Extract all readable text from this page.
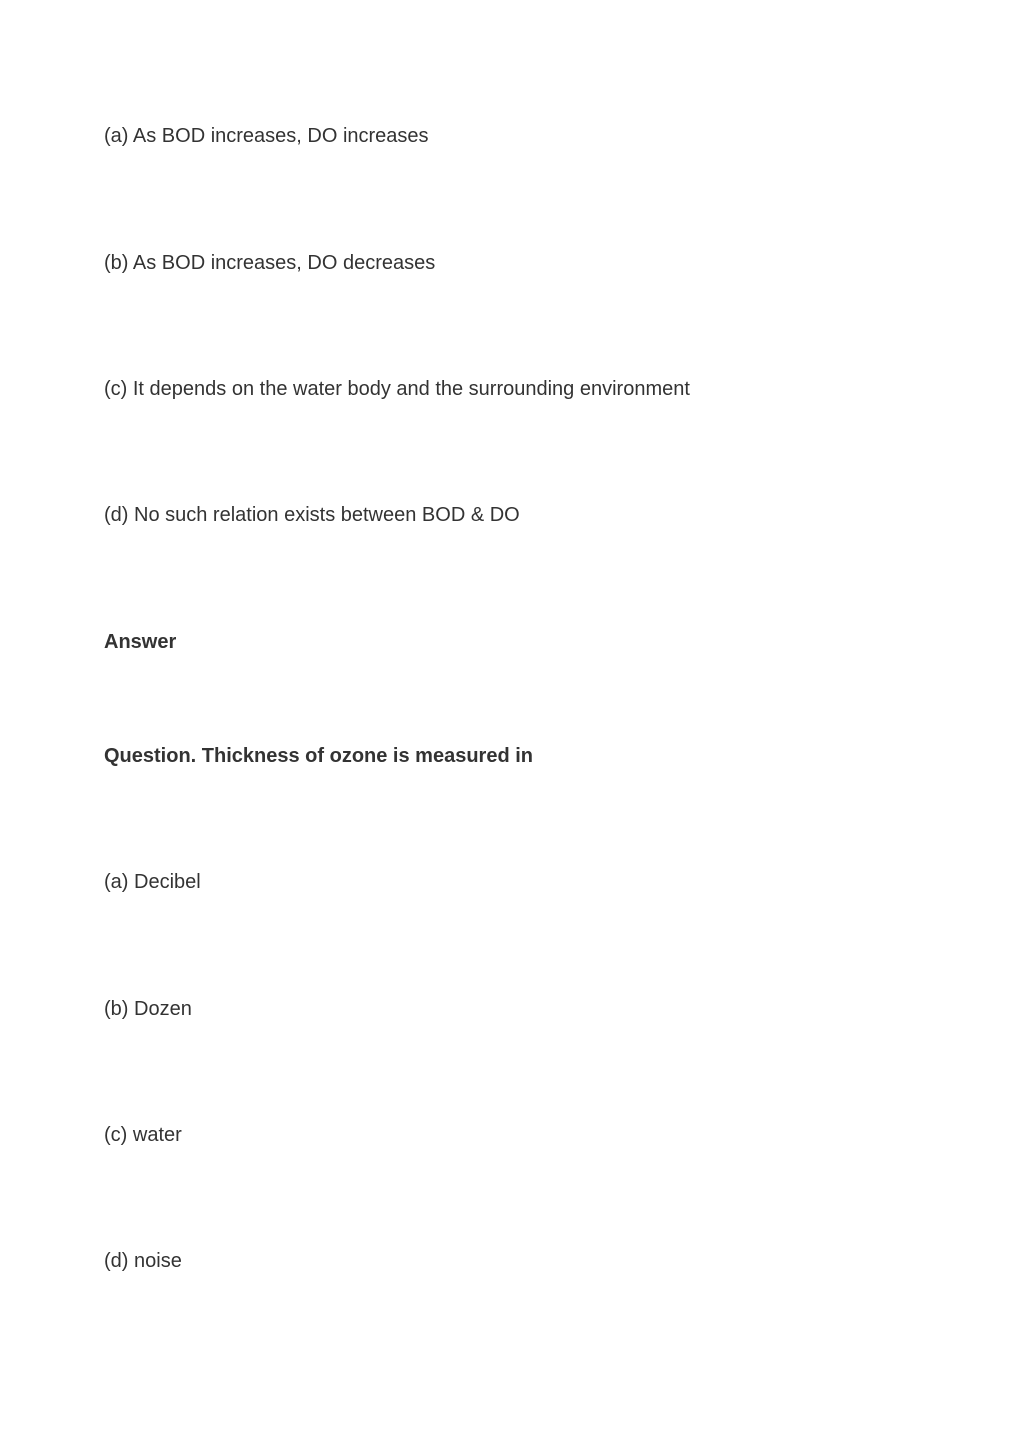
(a) As BOD increases, DO increases
(b) As BOD increases, DO decreases
(c) It depends on the water body and the surrounding environment
(d) No such relation exists between BOD & DO
Answer
Question. Thickness of ozone is measured in
(a) Decibel
(b) Dozen
(c) water
(d) noise
